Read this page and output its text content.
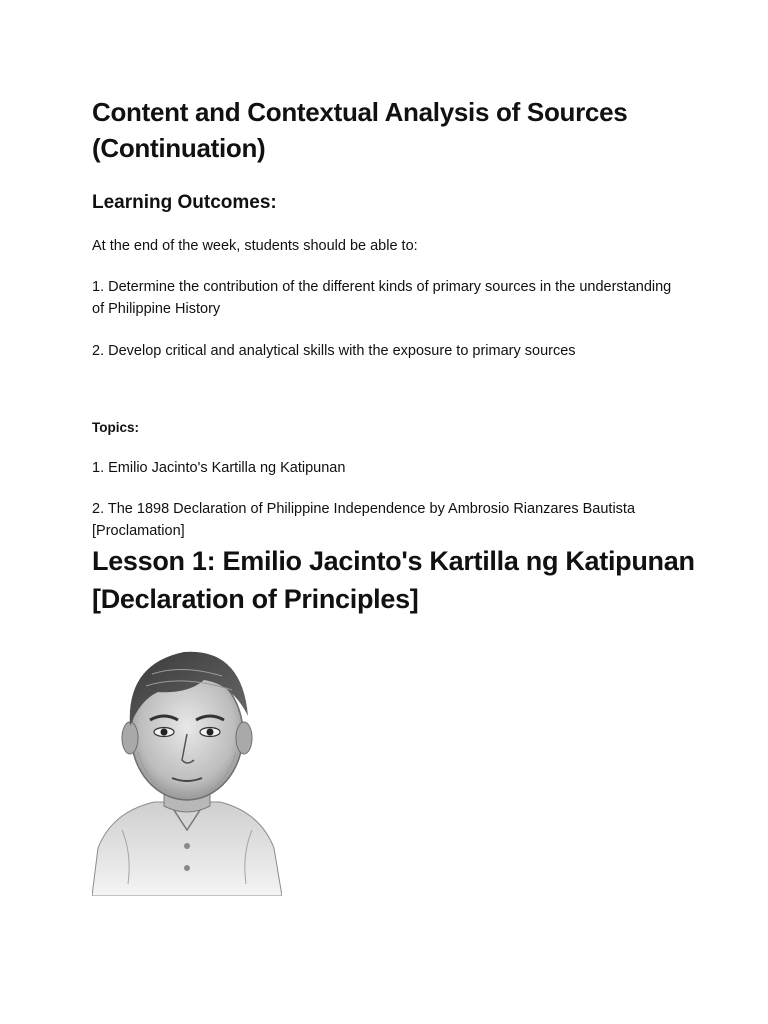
Content and Contextual Analysis of Sources (Continuation)
Learning Outcomes:
At the end of the week, students should be able to:
1. Determine the contribution of the different kinds of primary sources in the understanding of Philippine History
2. Develop critical and analytical skills with the exposure to primary sources
Topics:
1. Emilio Jacinto's Kartilla ng Katipunan
2. The 1898 Declaration of Philippine Independence by Ambrosio Rianzares Bautista [Proclamation]
Lesson 1: Emilio Jacinto's Kartilla ng Katipunan [Declaration of Principles]
